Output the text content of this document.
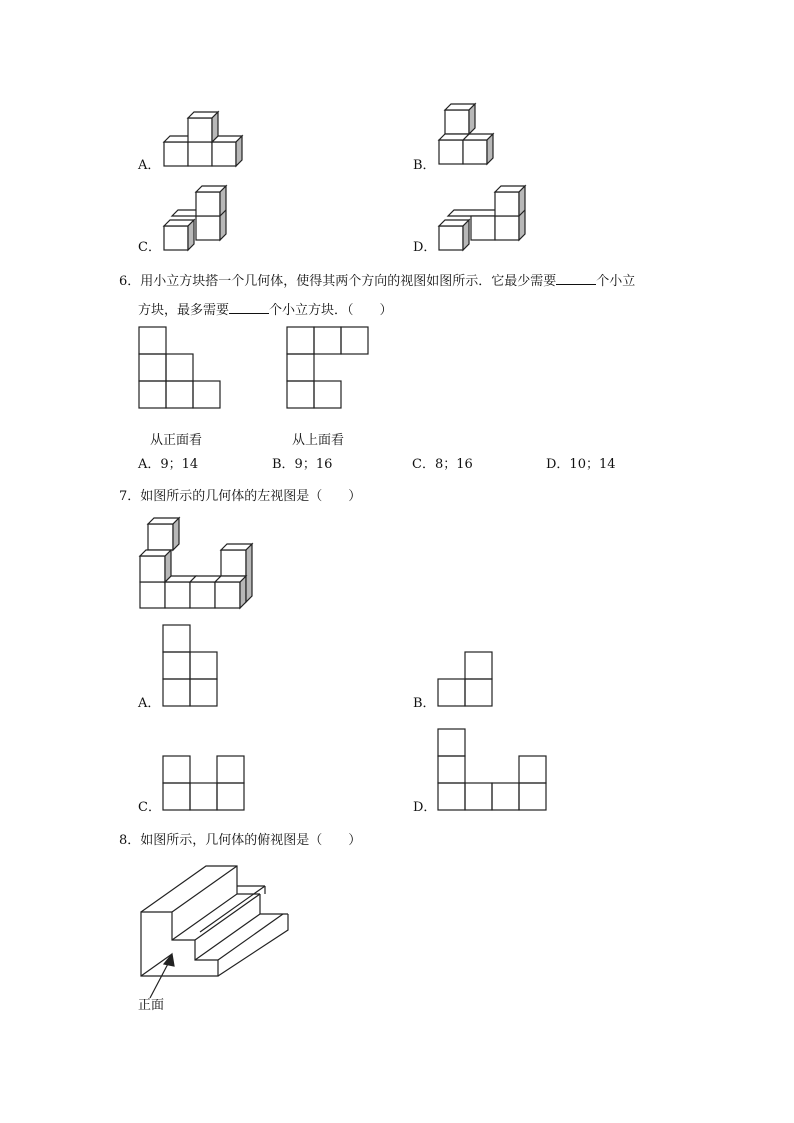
A．	B．
C．	D．
6．用小立方块搭一个几何体，使得其两个方向的视图如图所示．它最少需要	个小立
方块，最多需要	个小立方块．（　　）
从正面看	从上面看
A．9；14	B．9；16	C．8；16	D．10；14
7．如图所示的几何体的左视图是（　　）
A．	B．
C．	D．
8．如图所示，几何体的俯视图是（　　）
正面
